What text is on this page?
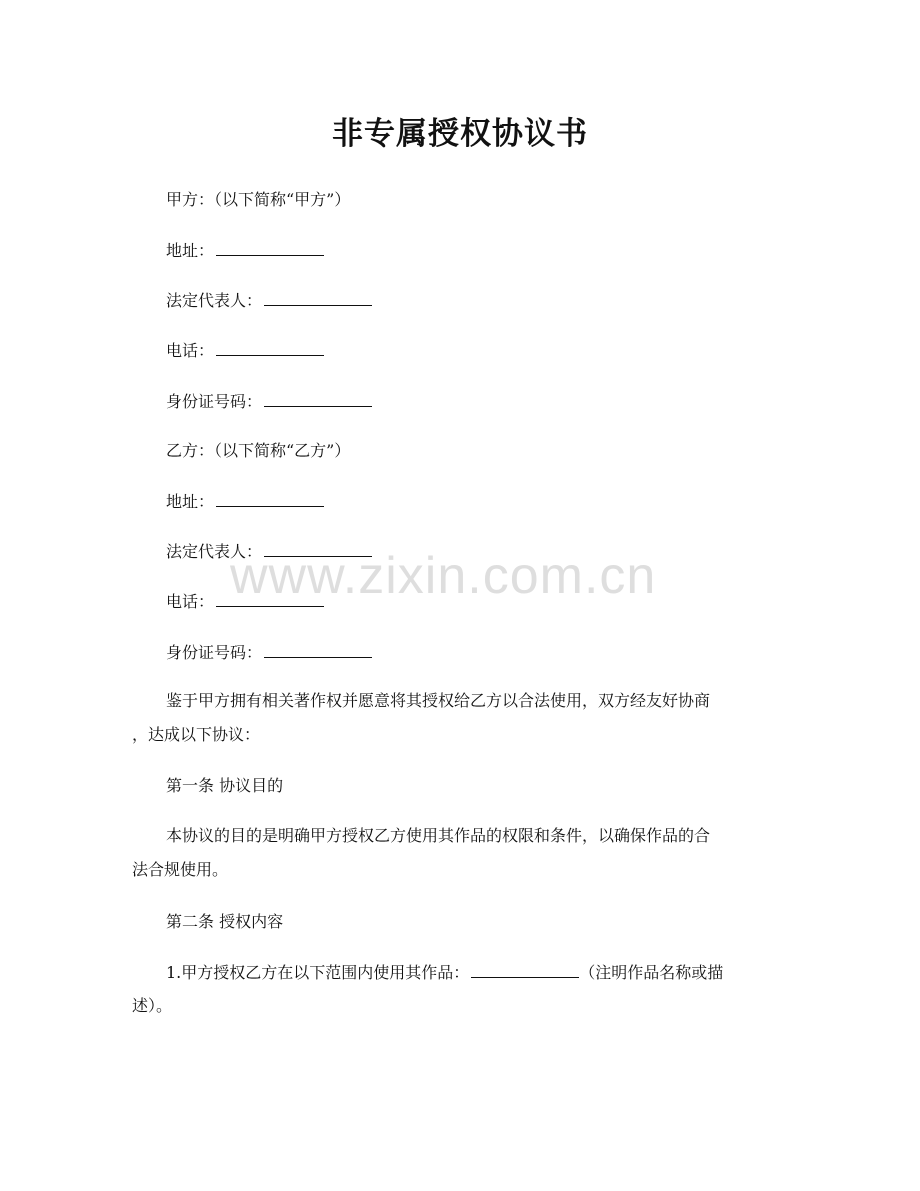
非专属授权协议书
甲方：（以下简称“甲方”）
地址：
法定代表人：
电话：
身份证号码：
乙方：（以下简称“乙方”）
地址：
法定代表人：
电话：
身份证号码：
鉴于甲方拥有相关著作权并愿意将其授权给乙方以合法使用，双方经友好协商
，达成以下协议：
第一条 协议目的
本协议的目的是明确甲方授权乙方使用其作品的权限和条件，以确保作品的合
法合规使用。
第二条 授权内容
1.甲方授权乙方在以下范围内使用其作品：	（注明作品名称或描
述）。
www.zixin.com.cn
